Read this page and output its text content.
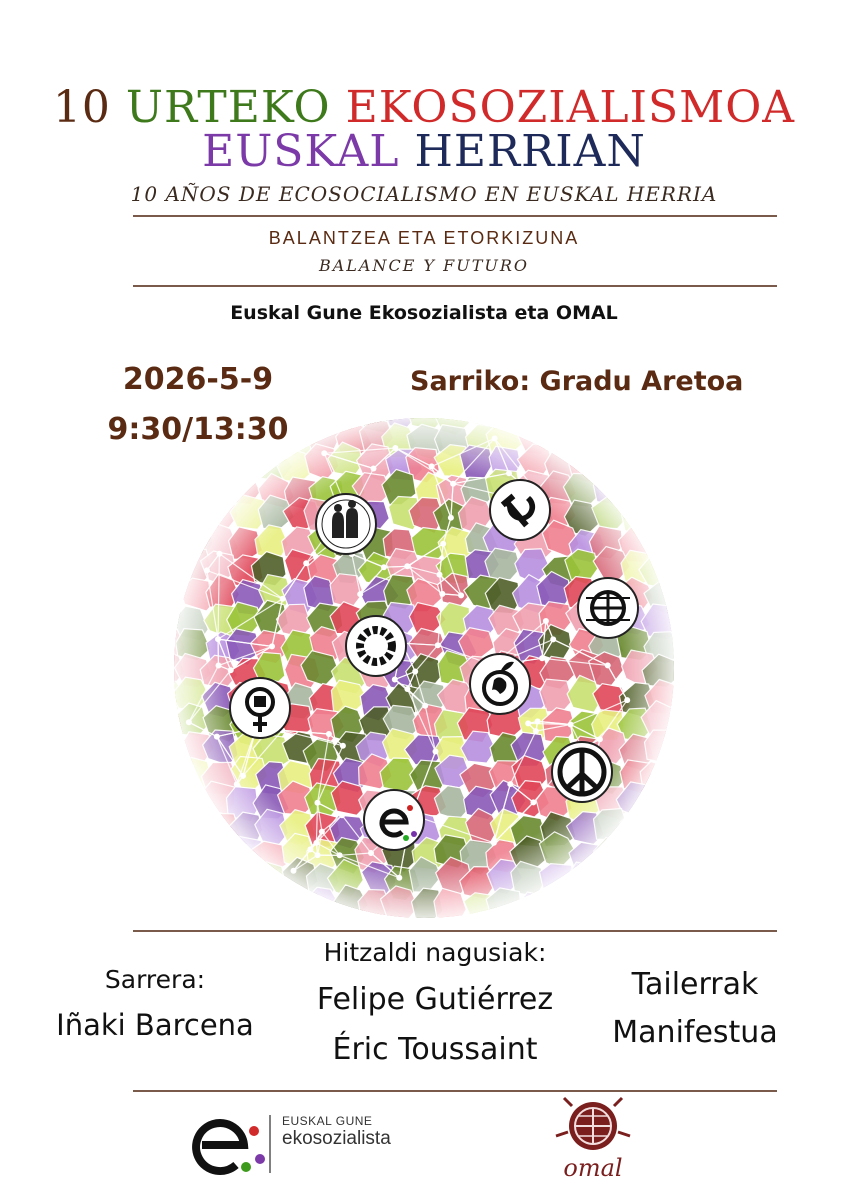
10 URTEKO EKOSOZIALISMOA
EUSKAL HERRIAN
10 AÑOS DE ECOSOCIALISMO EN EUSKAL HERRIA
BALANTZEA ETA ETORKIZUNA
BALANCE Y FUTURO
Euskal Gune Ekosozialista eta OMAL
2026-5-9
9:30/13:30
Sarriko: Gradu Aretoa
Sarrera:
Iñaki Barcena
Hitzaldi nagusiak:
Felipe Gutiérrez
Éric Toussaint
Tailerrak
Manifestua
EUSKAL GUNE
ekosozialista
omal
